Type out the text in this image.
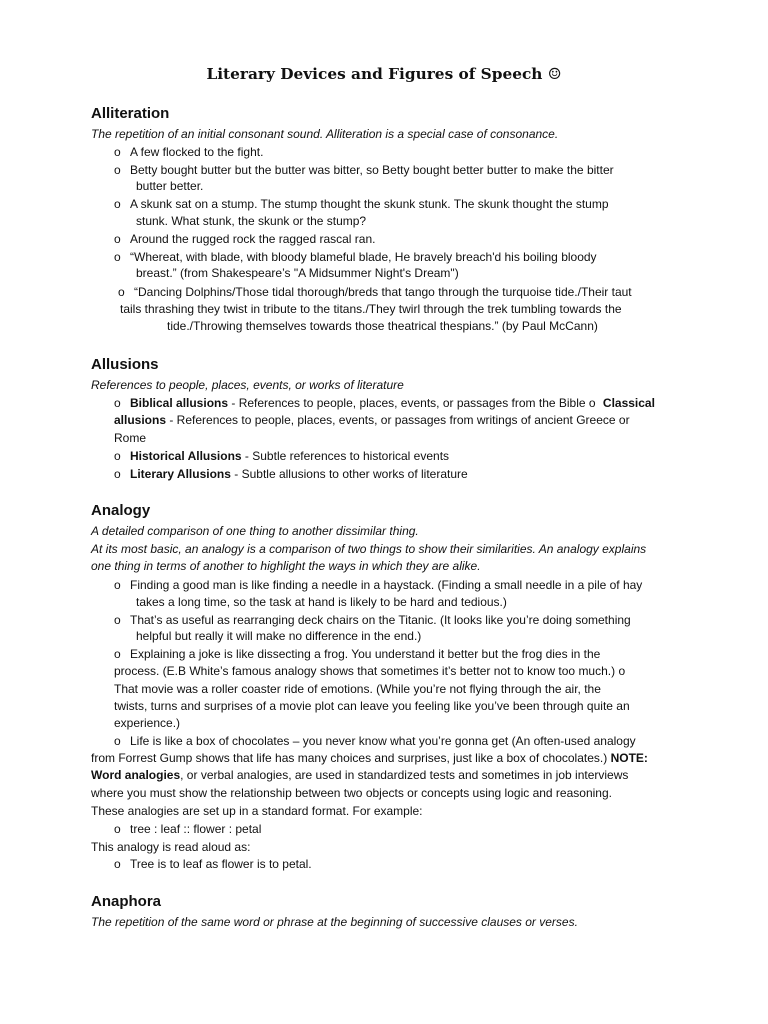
Literary Devices and Figures of Speech ☺
Alliteration
The repetition of an initial consonant sound. Alliteration is a special case of consonance.
o A few flocked to the fight.
o Betty bought butter but the butter was bitter, so Betty bought better butter to make the bitter
butter better.
o A skunk sat on a stump. The stump thought the skunk stunk. The skunk thought the stump
stunk. What stunk, the skunk or the stump?
o Around the rugged rock the ragged rascal ran.
o “Whereat, with blade, with bloody blameful blade, He bravely breach'd his boiling bloody
breast.” (from Shakespeare’s "A Midsummer Night's Dream")
o “Dancing Dolphins/Those tidal thorough/breds that tango through the turquoise tide./Their taut
tails thrashing they twist in tribute to the titans./They twirl through the trek tumbling towards the
tide./Throwing themselves towards those theatrical thespians.” (by Paul McCann)
Allusions
References to people, places, events, or works of literature
o Biblical allusions - References to people, places, events, or passages from the Bible o Classical
allusions - References to people, places, events, or passages from writings of ancient Greece or
Rome
o Historical Allusions - Subtle references to historical events
o Literary Allusions - Subtle allusions to other works of literature
Analogy
A detailed comparison of one thing to another dissimilar thing.
At its most basic, an analogy is a comparison of two things to show their similarities. An analogy explains
one thing in terms of another to highlight the ways in which they are alike.
o Finding a good man is like finding a needle in a haystack. (Finding a small needle in a pile of hay
takes a long time, so the task at hand is likely to be hard and tedious.)
o That’s as useful as rearranging deck chairs on the Titanic. (It looks like you’re doing something
helpful but really it will make no difference in the end.)
o Explaining a joke is like dissecting a frog. You understand it better but the frog dies in the
process. (E.B White’s famous analogy shows that sometimes it’s better not to know too much.) o
That movie was a roller coaster ride of emotions. (While you’re not flying through the air, the
twists, turns and surprises of a movie plot can leave you feeling like you’ve been through quite an
experience.)
o Life is like a box of chocolates – you never know what you’re gonna get (An often-used analogy
from Forrest Gump shows that life has many choices and surprises, just like a box of chocolates.) NOTE:
Word analogies, or verbal analogies, are used in standardized tests and sometimes in job interviews
where you must show the relationship between two objects or concepts using logic and reasoning.
These analogies are set up in a standard format. For example:
o tree : leaf :: flower : petal
This analogy is read aloud as:
o Tree is to leaf as flower is to petal.
Anaphora
The repetition of the same word or phrase at the beginning of successive clauses or verses.
